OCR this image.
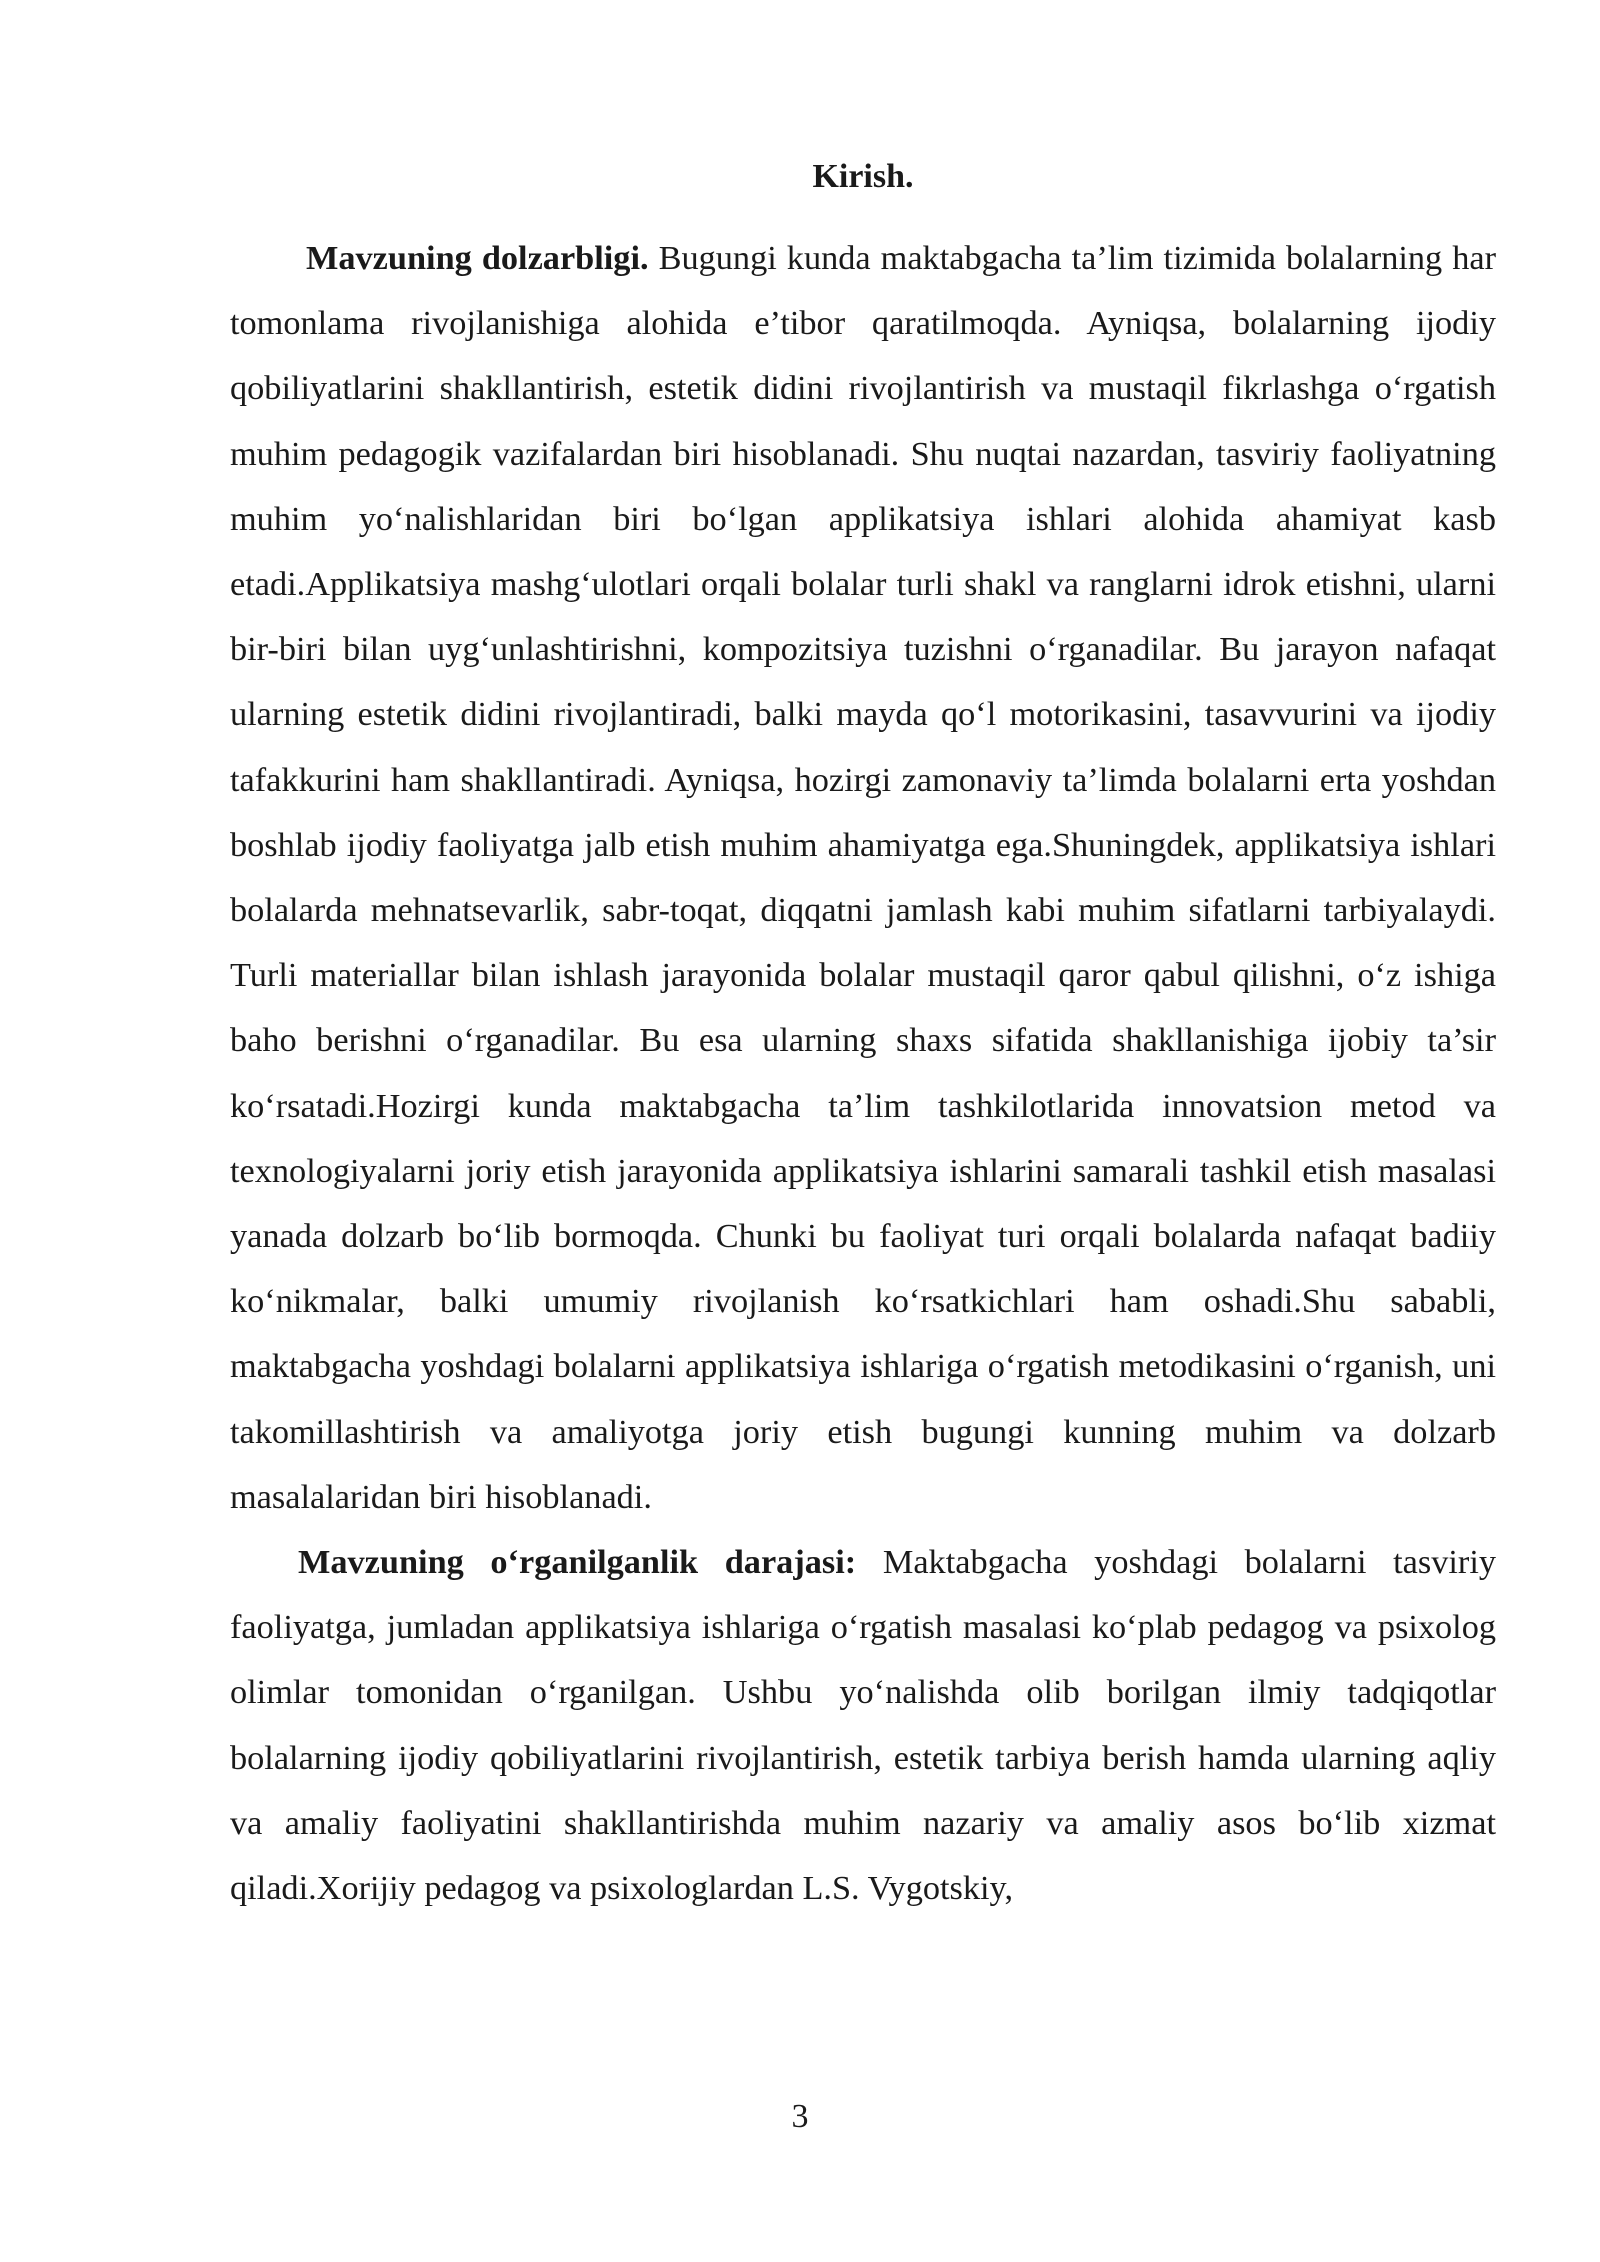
Kirish.

Mavzuning dolzarbligi. Bugungi kunda maktabgacha ta’lim tizimida bolalarning har tomonlama rivojlanishiga alohida e’tibor qaratilmoqda. Ayniqsa, bolalarning ijodiy qobiliyatlarini shakllantirish, estetik didini rivojlantirish va mustaqil fikrlashga o‘rgatish muhim pedagogik vazifalardan biri hisoblanadi. Shu nuqtai nazardan, tasviriy faoliyatning muhim yo‘nalishlaridan biri bo‘lgan applikatsiya ishlari alohida ahamiyat kasb etadi.Applikatsiya mashg‘ulotlari orqali bolalar turli shakl va ranglarni idrok etishni, ularni bir-biri bilan uyg‘unlashtirishni, kompozitsiya tuzishni o‘rganadilar. Bu jarayon nafaqat ularning estetik didini rivojlantiradi, balki mayda qo‘l motorikasini, tasavvurini va ijodiy tafakkurini ham shakllantiradi. Ayniqsa, hozirgi zamonaviy ta’limda bolalarni erta yoshdan boshlab ijodiy faoliyatga jalb etish muhim ahamiyatga ega.Shuningdek, applikatsiya ishlari bolalarda mehnatsevarlik, sabr-toqat, diqqatni jamlash kabi muhim sifatlarni tarbiyalaydi. Turli materiallar bilan ishlash jarayonida bolalar mustaqil qaror qabul qilishni, o‘z ishiga baho berishni o‘rganadilar. Bu esa ularning shaxs sifatida shakllanishiga ijobiy ta’sir ko‘rsatadi.Hozirgi kunda maktabgacha ta’lim tashkilotlarida innovatsion metod va texnologiyalarni joriy etish jarayonida applikatsiya ishlarini samarali tashkil etish masalasi yanada dolzarb bo‘lib bormoqda. Chunki bu faoliyat turi orqali bolalarda nafaqat badiiy ko‘nikmalar, balki umumiy rivojlanish ko‘rsatkichlari ham oshadi.Shu sababli, maktabgacha yoshdagi bolalarni applikatsiya ishlariga o‘rgatish metodikasini o‘rganish, uni takomillashtirish va amaliyotga joriy etish bugungi kunning muhim va dolzarb masalalaridan biri hisoblanadi.

Mavzuning o‘rganilganlik darajasi: Maktabgacha yoshdagi bolalarni tasviriy faoliyatga, jumladan applikatsiya ishlariga o‘rgatish masalasi ko‘plab pedagog va psixolog olimlar tomonidan o‘rganilgan. Ushbu yo‘nalishda olib borilgan ilmiy tadqiqotlar bolalarning ijodiy qobiliyatlarini rivojlantirish, estetik tarbiya berish hamda ularning aqliy va amaliy faoliyatini shakllantirishda muhim nazariy va amaliy asos bo‘lib xizmat qiladi.Xorijiy pedagog va psixologlardan L.S. Vygotskiy,

3
